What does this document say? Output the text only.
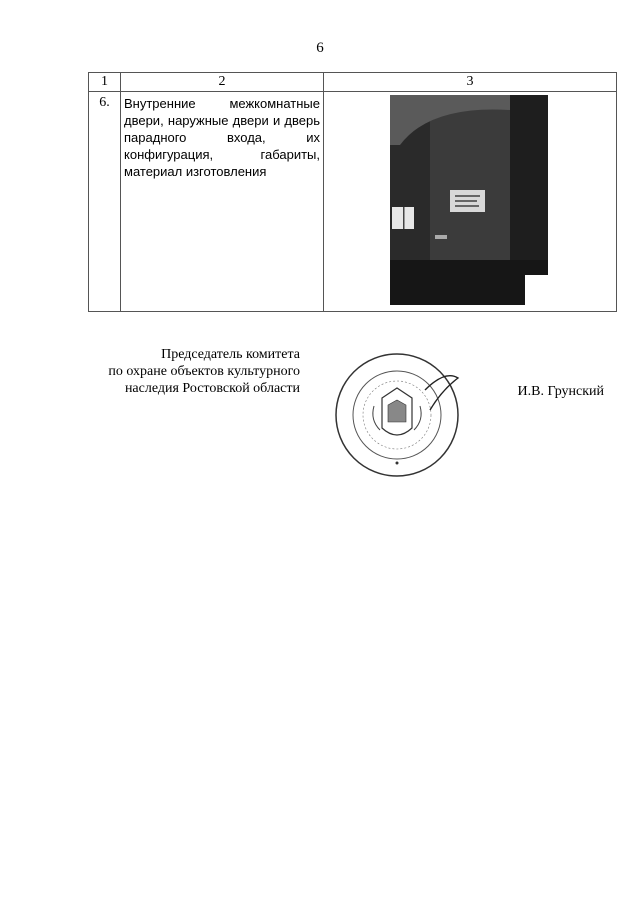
6
1	2	3
6.	Внутренние межкомнатные двери, наружные двери и дверь парадного входа, их конфигурация, габариты, материал изготовления	
Председатель комитета
по охране объектов культурного
наследия Ростовской области	И.В. Грунский
